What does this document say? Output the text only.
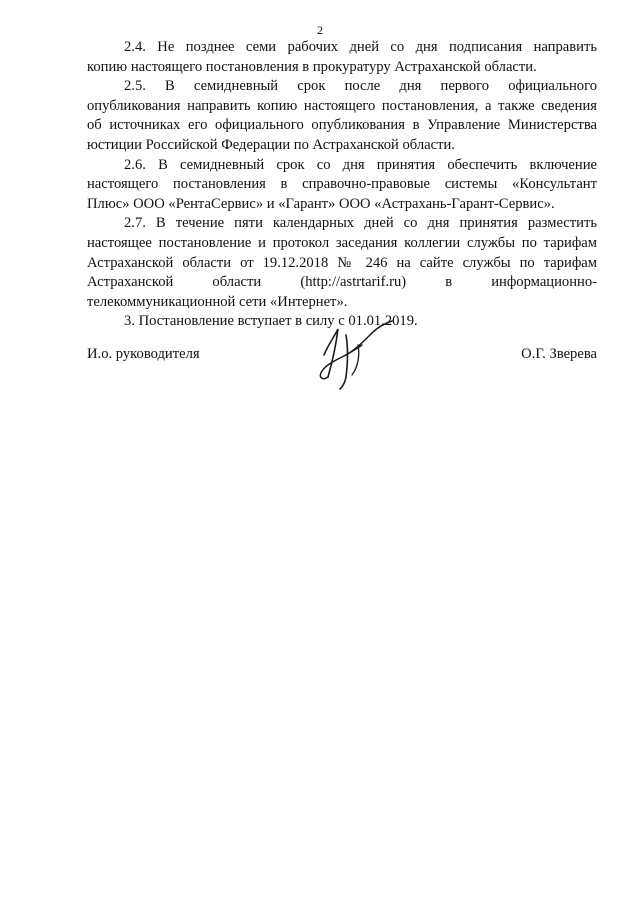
2
2.4. Не позднее семи рабочих дней со дня подписания направить
копию настоящего постановления в прокуратуру Астраханской области.
2.5. В семидневный срок после дня первого официального
опубликования направить копию настоящего постановления, а также сведения
об источниках его официального опубликования в Управление Министерства
юстиции Российской Федерации по Астраханской области.
2.6. В семидневный срок со дня принятия обеспечить включение
настоящего постановления в справочно-правовые системы «Консультант
Плюс» ООО «РентаСервис» и «Гарант» ООО «Астрахань-Гарант-Сервис».
2.7. В течение пяти календарных дней со дня принятия разместить
настоящее постановление и протокол заседания коллегии службы по тарифам
Астраханской области от 19.12.2018 № 246 на сайте службы по тарифам
Астраханской области (http://astrtarif.ru) в информационно-
телекоммуникационной сети «Интернет».
3. Постановление вступает в силу с 01.01.2019.
И.о. руководителя	О.Г. Зверева
